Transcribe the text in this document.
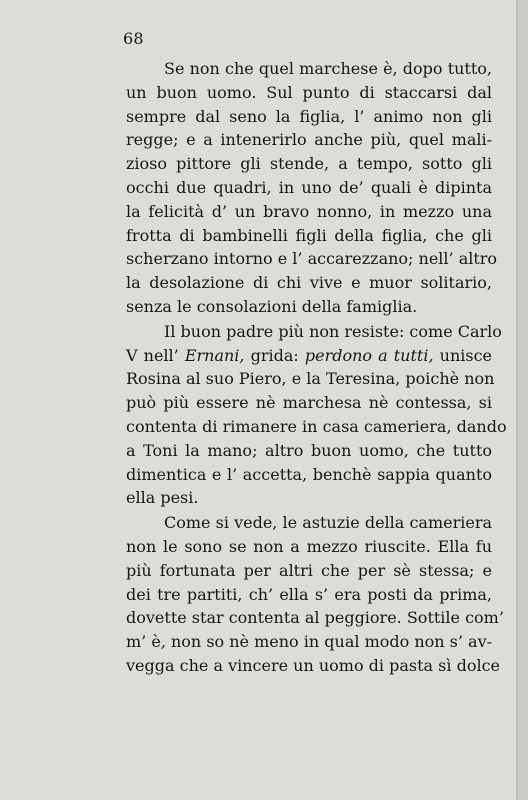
68
Se non che quel marchese è, dopo tutto,
un buon uomo. Sul punto di staccarsi dal
sempre dal seno la figlia, l’ animo non gli
regge; e a intenerirlo anche più, quel mali-
zioso pittore gli stende, a tempo, sotto gli
occhi due quadri, in uno de’ quali è dipinta
la felicità d’ un bravo nonno, in mezzo una
frotta di bambinelli figli della figlia, che gli
scherzano intorno e l’ accarezzano; nell’ altro
la desolazione di chi vive e muor solitario,
senza le consolazioni della famiglia.
Il buon padre più non resiste: come Carlo
V nell’ Ernani, grida: perdono a tutti, unisce
Rosina al suo Piero, e la Teresina, poichè non
può più essere nè marchesa nè contessa, si
contenta di rimanere in casa cameriera, dando
a Toni la mano; altro buon uomo, che tutto
dimentica e l’ accetta, benchè sappia quanto
ella pesi.
Come si vede, le astuzie della cameriera
non le sono se non a mezzo riuscite. Ella fu
più fortunata per altri che per sè stessa; e
dei tre partiti, ch’ ella s’ era posti da prima,
dovette star contenta al peggiore. Sottile com’
m’ è, non so nè meno in qual modo non s’ av-
vegga che a vincere un uomo di pasta sì dolce
